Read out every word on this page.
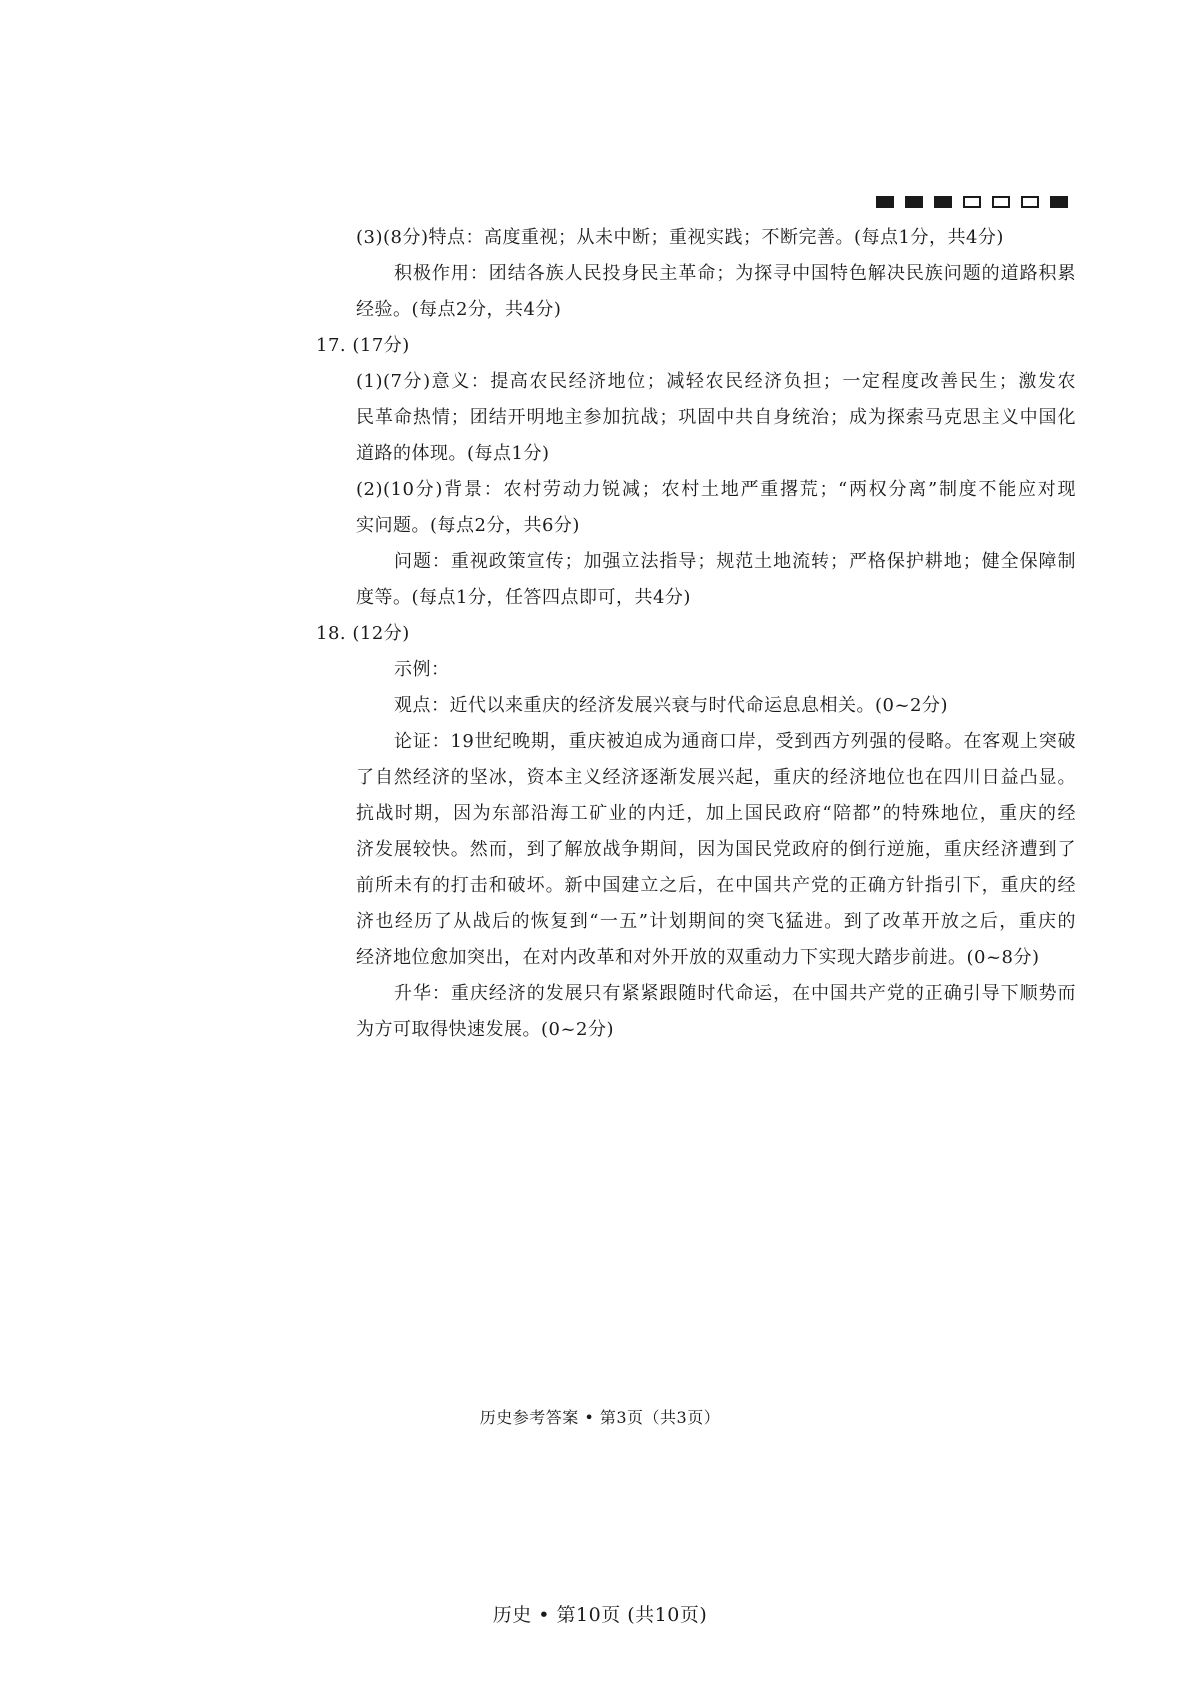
(3)(8分)特点：高度重视；从未中断；重视实践；不断完善。(每点1分，共4分)
积极作用：团结各族人民投身民主革命；为探寻中国特色解决民族问题的道路积累
经验。(每点2分，共4分)
17. (17分)
(1)(7分)意义：提高农民经济地位；减轻农民经济负担；一定程度改善民生；激发农
民革命热情；团结开明地主参加抗战；巩固中共自身统治；成为探索马克思主义中国化
道路的体现。(每点1分)
(2)(10分)背景：农村劳动力锐减；农村土地严重撂荒；“两权分离”制度不能应对现
实问题。(每点2分，共6分)
问题：重视政策宣传；加强立法指导；规范土地流转；严格保护耕地；健全保障制
度等。(每点1分，任答四点即可，共4分)
18. (12分)
示例：
观点：近代以来重庆的经济发展兴衰与时代命运息息相关。(0~2分)
论证：19世纪晚期，重庆被迫成为通商口岸，受到西方列强的侵略。在客观上突破
了自然经济的坚冰，资本主义经济逐渐发展兴起，重庆的经济地位也在四川日益凸显。
抗战时期，因为东部沿海工矿业的内迁，加上国民政府“陪都”的特殊地位，重庆的经
济发展较快。然而，到了解放战争期间，因为国民党政府的倒行逆施，重庆经济遭到了
前所未有的打击和破坏。新中国建立之后，在中国共产党的正确方针指引下，重庆的经
济也经历了从战后的恢复到“一五”计划期间的突飞猛进。到了改革开放之后，重庆的
经济地位愈加突出，在对内改革和对外开放的双重动力下实现大踏步前进。(0~8分)
升华：重庆经济的发展只有紧紧跟随时代命运，在中国共产党的正确引导下顺势而
为方可取得快速发展。(0~2分)
历史参考答案 • 第3页（共3页）
历史 • 第10页 (共10页)
